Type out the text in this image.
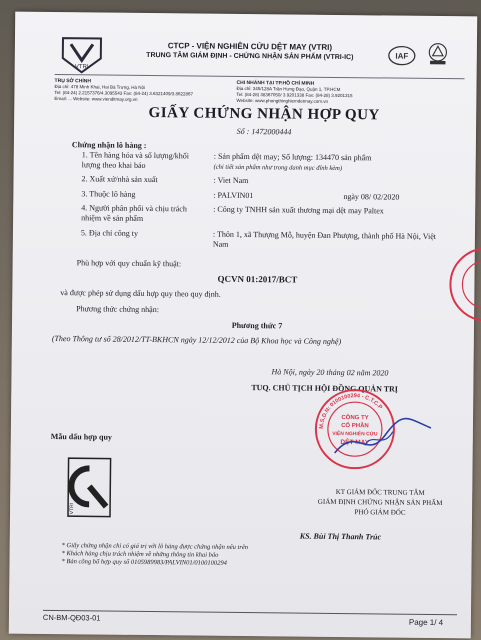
VTRI
CTCP - VIỆN NGHIÊN CỨU DỆT MAY (VTRI)
TRUNG TÂM GIÁM ĐỊNH - CHỨNG NHẬN SẢN PHẨM (VTRI-IC)	IAF
TRỤ SỞ CHÍNH
Địa chỉ: 478 Minh Khai, Hai Bà Trưng, Hà Nội
Tel: (84-24) 2.2157376/4.3095543 Fax: (84-24) 3.6321409/3.8622867
Email: ... Website: www.vienditmay.org.vn
CHI NHÁNH TẠI TP.HỒ CHÍ MINH
Địa chỉ: 345/128A Trần Hưng Đạo, Quận 1, TP.HCM
Tel: (84-28) 38367050/ 3.9201338 Fax: (84-28) 3.9201315
Website: www.phongthinghiemdetmay.com.vn
GIẤY CHỨNG NHẬN HỢP QUY
Số : 1472000444
Chứng nhận lô hàng :
1. Tên hàng hóa và số lượng/khối lượng theo khai báo
: Sản phẩm dệt may; Số lượng: 134470 sản phẩm
(chi tiết sản phẩm như trong danh mục đính kèm)
2. Xuất xứ/nhà sản xuất	: Viet Nam
3. Thuộc lô hàng	: PALVIN01	ngày 08/ 02/2020
4. Người phân phối và chịu trách nhiệm về sản phẩm
: Công ty TNHH sản xuất thương mại dệt may Paltex
5. Địa chỉ công ty	: Thôn 1, xã Thượng Mỗ, huyện Đan Phượng, thành phố Hà Nội, Việt Nam
Phù hợp với quy chuẩn kỹ thuật:
QCVN 01:2017/BCT
và được phép sử dụng dấu hợp quy theo quy định.
Phương thức chứng nhận:
Phương thức 7
(Theo Thông tư số 28/2012/TT-BKHCN ngày 12/12/2012 của Bộ Khoa học và Công nghệ)
Hà Nội, ngày 20 tháng 02 năm 2020
TUQ. CHỦ TỊCH HỘI ĐỒNG QUẢN TRỊ
M.S.D.N: 0100100294 - C.T.C.P
CÔNG TY
CỔ PHẦN
VIỆN NGHIÊN CỨU
DỆT MAY
Mẫu dấu hợp quy
VTRI
KT GIÁM ĐỐC TRUNG TÂM
GIÁM ĐỊNH CHỨNG NHẬN SẢN PHẨM
PHÓ GIÁM ĐỐC
KS. Bùi Thị Thanh Trúc
* Giấy chứng nhận chỉ có giá trị với lô hàng được chứng nhận nêu trên
* Khách hàng chịu trách nhiệm về những thông tin khai báo
* Bản công bố hợp quy số 0105989983/PALVIN01/0100100294
CN-BM-QĐ03-01	Page 1/ 4
